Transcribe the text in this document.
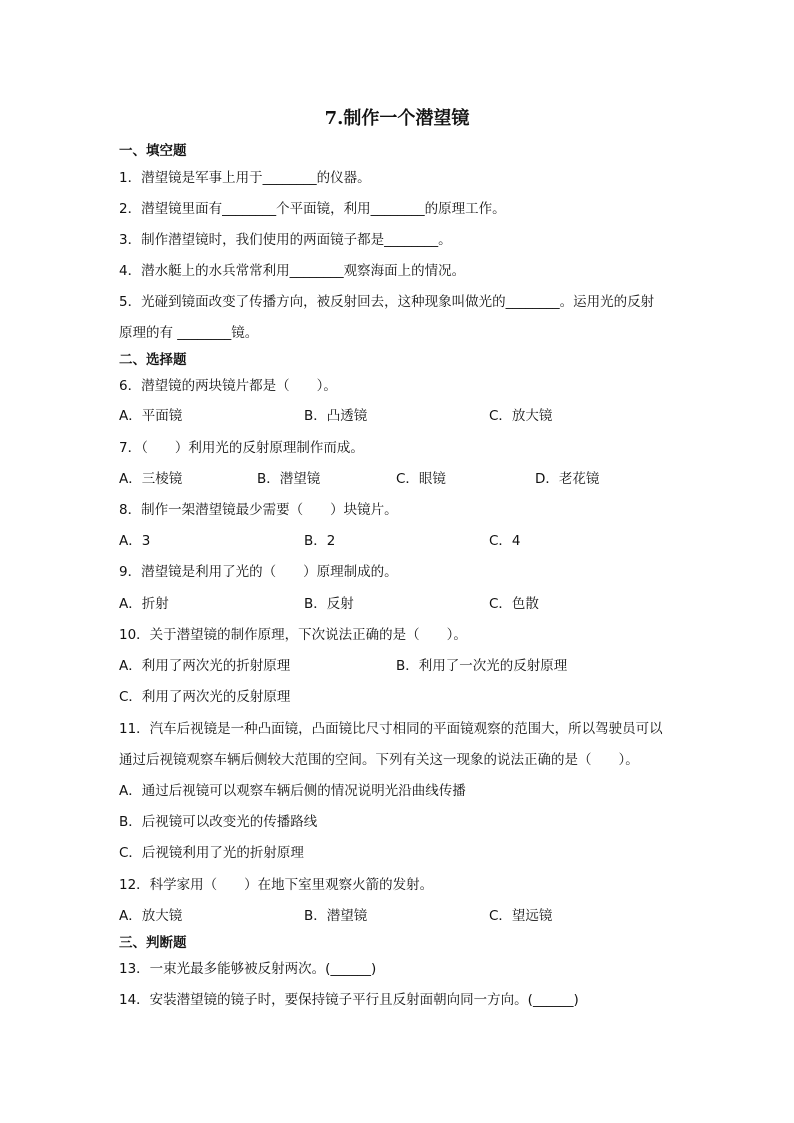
7.制作一个潜望镜
一、填空题
1．潜望镜是军事上用于________的仪器。
2．潜望镜里面有________个平面镜，利用________的原理工作。
3．制作潜望镜时，我们使用的两面镜子都是________。
4．潜水艇上的水兵常常利用________观察海面上的情况。
5．光碰到镜面改变了传播方向，被反射回去，这种现象叫做光的________。运用光的反射
原理的有 ________镜。
二、选择题
6．潜望镜的两块镜片都是（　　）。
A．平面镜	B．凸透镜	C．放大镜
7．（　　）利用光的反射原理制作而成。
A．三棱镜	B．潜望镜	C．眼镜	D．老花镜
8．制作一架潜望镜最少需要（　　）块镜片。
A．3	B．2	C．4
9．潜望镜是利用了光的（　　）原理制成的。
A．折射	B．反射	C．色散
10．关于潜望镜的制作原理，下次说法正确的是（　　）。
A．利用了两次光的折射原理	B．利用了一次光的反射原理
C．利用了两次光的反射原理
11．汽车后视镜是一种凸面镜，凸面镜比尺寸相同的平面镜观察的范围大，所以驾驶员可以
通过后视镜观察车辆后侧较大范围的空间。下列有关这一现象的说法正确的是（　　）。
A．通过后视镜可以观察车辆后侧的情况说明光沿曲线传播
B．后视镜可以改变光的传播路线
C．后视镜利用了光的折射原理
12．科学家用（　　）在地下室里观察火箭的发射。
A．放大镜	B．潜望镜	C．望远镜
三、判断题
13．一束光最多能够被反射两次。(______)
14．安装潜望镜的镜子时，要保持镜子平行且反射面朝向同一方向。(______)
